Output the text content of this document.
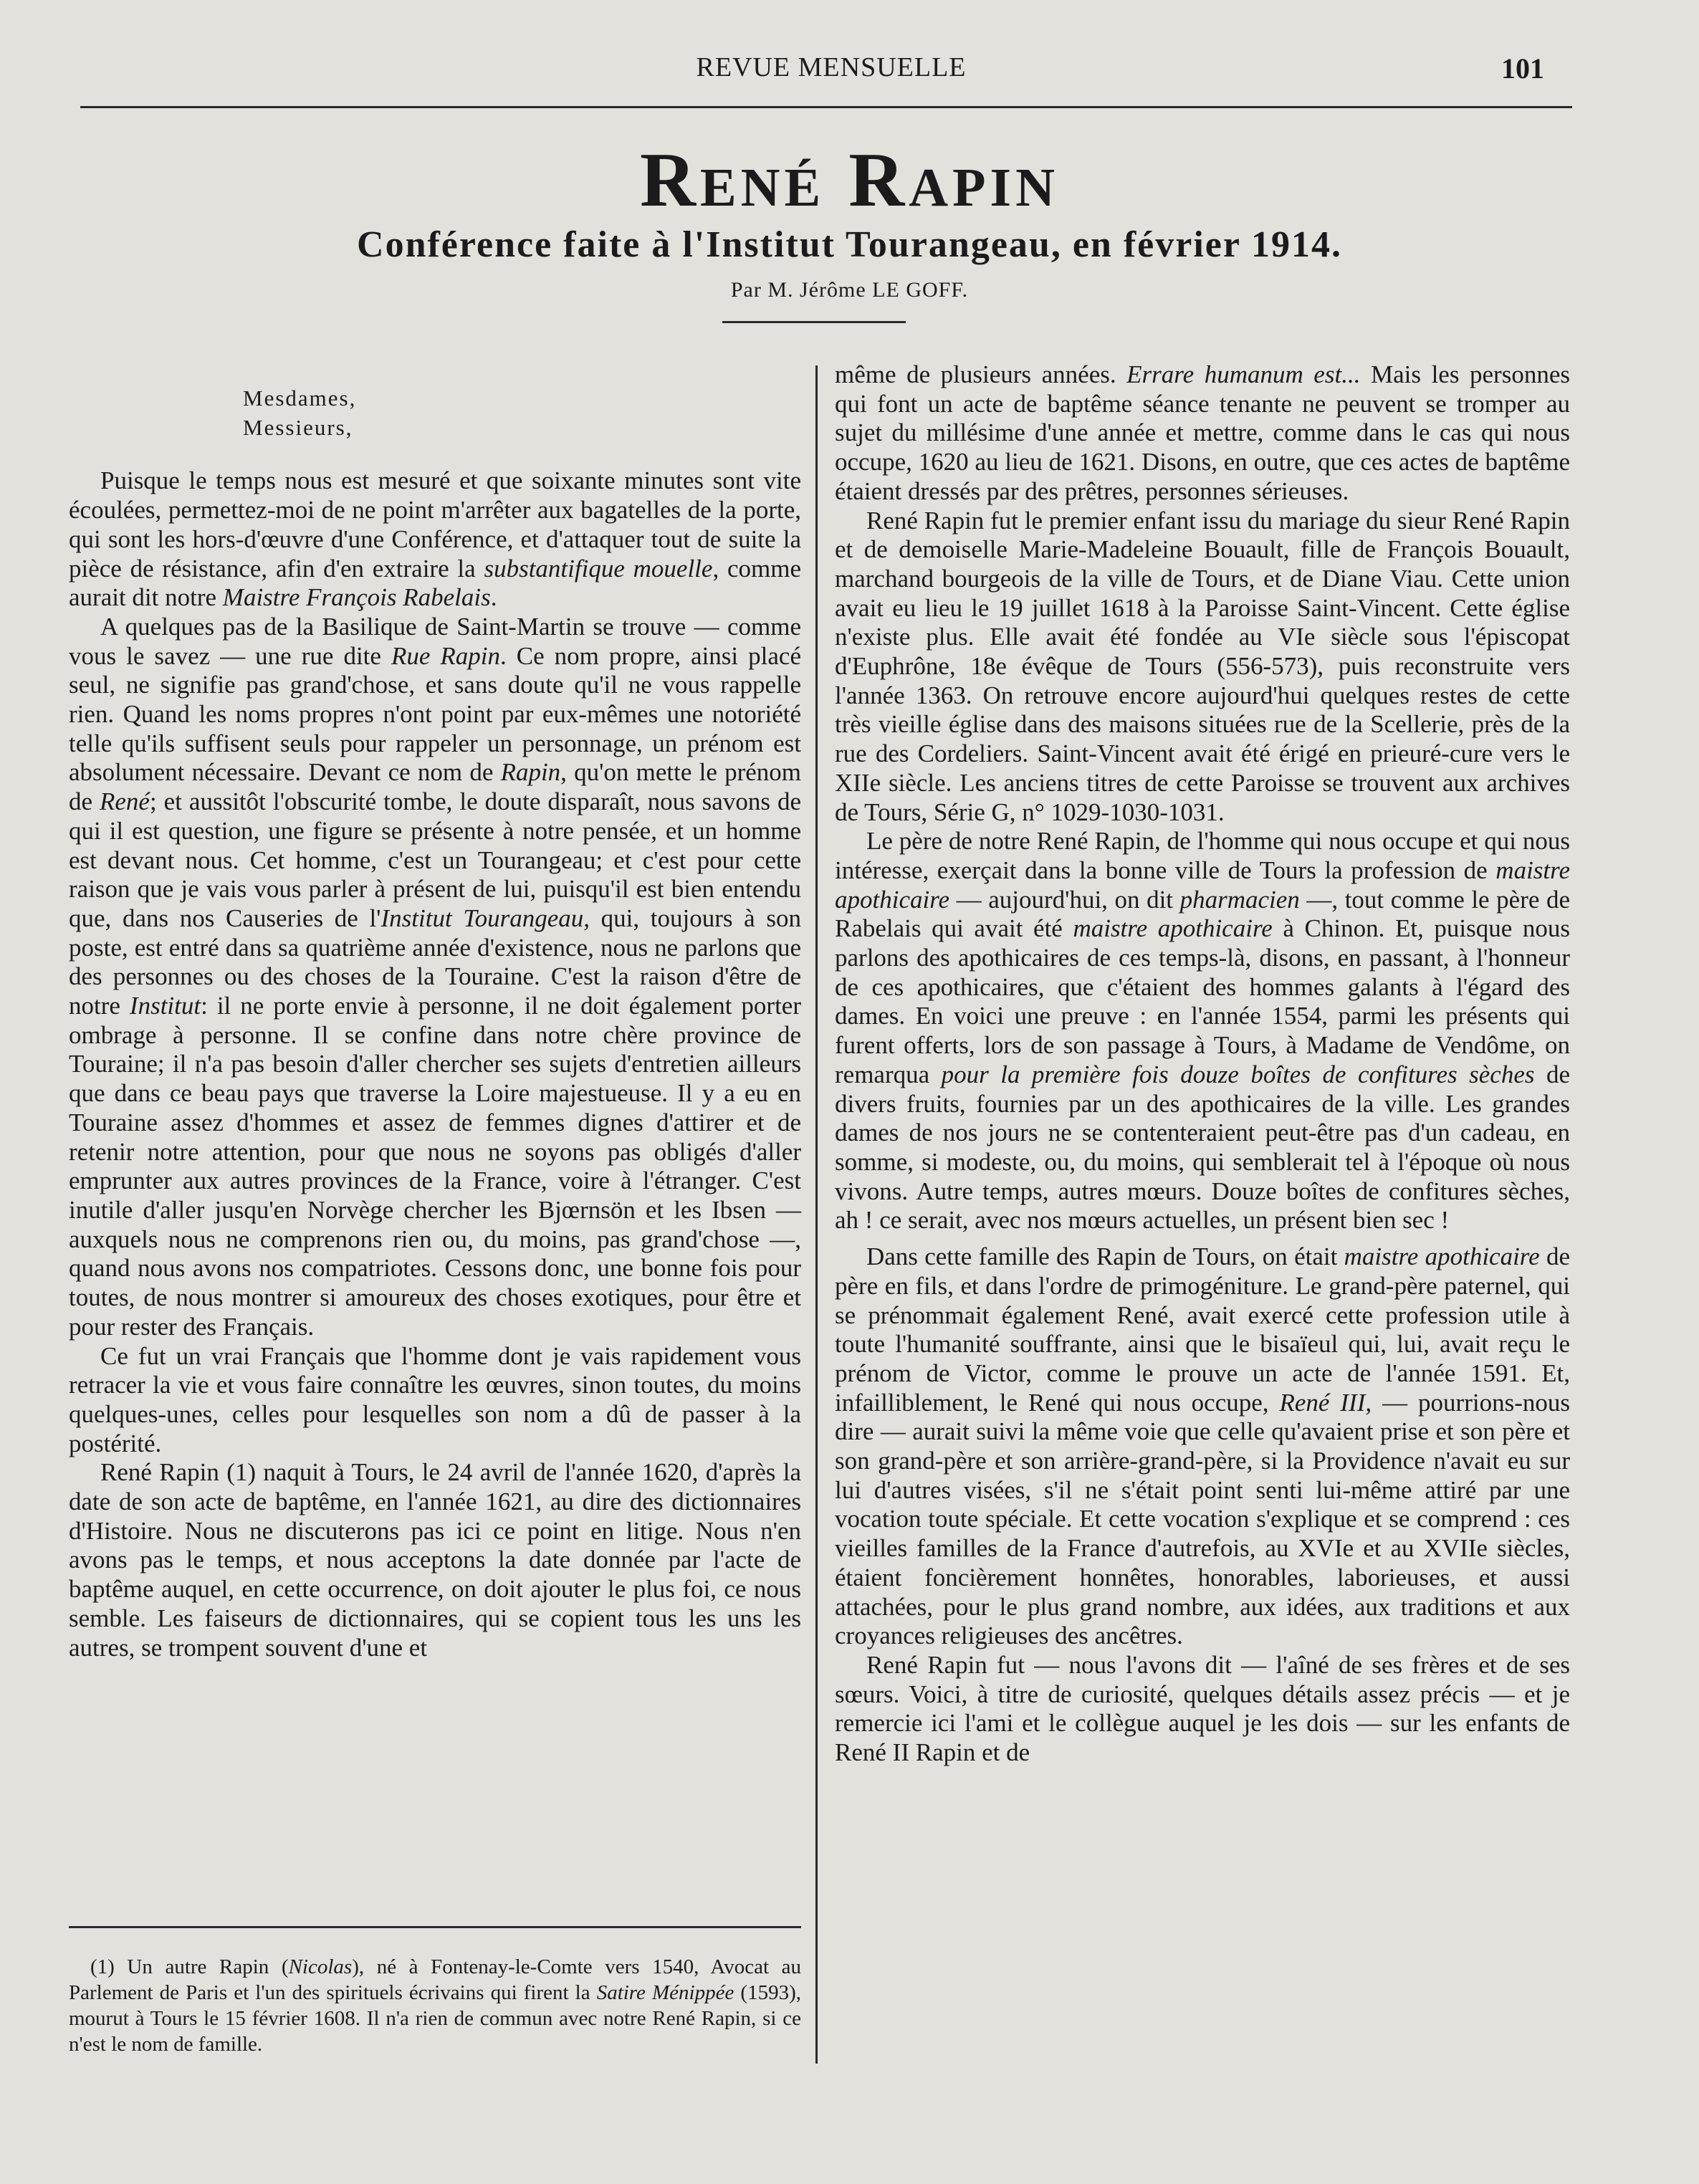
REVUE MENSUELLE	101
René Rapin
Conférence faite à l'Institut Tourangeau, en février 1914.
Par M. Jérôme LE GOFF.
Mesdames,
Messieurs,

Puisque le temps nous est mesuré et que soixante minutes sont vite écoulées, permettez-moi de ne point m'arrêter aux bagatelles de la porte, qui sont les hors-d'œuvre d'une Conférence, et d'attaquer tout de suite la pièce de résistance, afin d'en extraire la substantifique mouelle, comme aurait dit notre Maistre François Rabelais.

A quelques pas de la Basilique de Saint-Martin se trouve — comme vous le savez — une rue dite Rue Rapin. Ce nom propre, ainsi placé seul, ne signifie pas grand'chose, et sans doute qu'il ne vous rappelle rien. Quand les noms propres n'ont point par eux-mêmes une notoriété telle qu'ils suffisent seuls pour rappeler un personnage, un prénom est absolument nécessaire. Devant ce nom de Rapin, qu'on mette le prénom de René; et aussitôt l'obscurité tombe, le doute disparaît, nous savons de qui il est question, une figure se présente à notre pensée, et un homme est devant nous. Cet homme, c'est un Tourangeau; et c'est pour cette raison que je vais vous parler à présent de lui, puisqu'il est bien entendu que, dans nos Causeries de l'Institut Tourangeau, qui, toujours à son poste, est entré dans sa quatrième année d'existence, nous ne parlons que des personnes ou des choses de la Touraine. C'est la raison d'être de notre Institut: il ne porte envie à personne, il ne doit également porter ombrage à personne. Il se confine dans notre chère province de Touraine; il n'a pas besoin d'aller chercher ses sujets d'entretien ailleurs que dans ce beau pays que traverse la Loire majestueuse. Il y a eu en Touraine assez d'hommes et assez de femmes dignes d'attirer et de retenir notre attention, pour que nous ne soyons pas obligés d'aller emprunter aux autres provinces de la France, voire à l'étranger. C'est inutile d'aller jusqu'en Norvège chercher les Bjœrnsön et les Ibsen — auxquels nous ne comprenons rien ou, du moins, pas grand'chose —, quand nous avons nos compatriotes. Cessons donc, une bonne fois pour toutes, de nous montrer si amoureux des choses exotiques, pour être et pour rester des Français.

Ce fut un vrai Français que l'homme dont je vais rapidement vous retracer la vie et vous faire connaître les œuvres, sinon toutes, du moins quelques-unes, celles pour lesquelles son nom a dû de passer à la postérité.

René Rapin (1) naquit à Tours, le 24 avril de l'année 1620, d'après la date de son acte de baptême, en l'année 1621, au dire des dictionnaires d'Histoire. Nous ne discuterons pas ici ce point en litige. Nous n'en avons pas le temps, et nous acceptons la date donnée par l'acte de baptême auquel, en cette occurrence, on doit ajouter le plus foi, ce nous semble. Les faiseurs de dictionnaires, qui se copient tous les uns les autres, se trompent souvent d'une et

(1) Un autre Rapin (Nicolas), né à Fontenay-le-Comte vers 1540, Avocat au Parlement de Paris et l'un des spirituels écrivains qui firent la Satire Ménippée (1593), mourut à Tours le 15 février 1608. Il n'a rien de commun avec notre René Rapin, si ce n'est le nom de famille.

même de plusieurs années. Errare humanum est... Mais les personnes qui font un acte de baptême séance tenante ne peuvent se tromper au sujet du millésime d'une année et mettre, comme dans le cas qui nous occupe, 1620 au lieu de 1621. Disons, en outre, que ces actes de baptême étaient dressés par des prêtres, personnes sérieuses.

René Rapin fut le premier enfant issu du mariage du sieur René Rapin et de demoiselle Marie-Madeleine Bouault, fille de François Bouault, marchand bourgeois de la ville de Tours, et de Diane Viau. Cette union avait eu lieu le 19 juillet 1618 à la Paroisse Saint-Vincent. Cette église n'existe plus. Elle avait été fondée au VIe siècle sous l'épiscopat d'Euphrône, 18e évêque de Tours (556-573), puis reconstruite vers l'année 1363. On retrouve encore aujourd'hui quelques restes de cette très vieille église dans des maisons situées rue de la Scellerie, près de la rue des Cordeliers. Saint-Vincent avait été érigé en prieuré-cure vers le XIIe siècle. Les anciens titres de cette Paroisse se trouvent aux archives de Tours, Série G, n° 1029-1030-1031.

Le père de notre René Rapin, de l'homme qui nous occupe et qui nous intéresse, exerçait dans la bonne ville de Tours la profession de maistre apothicaire — aujourd'hui, on dit pharmacien —, tout comme le père de Rabelais qui avait été maistre apothicaire à Chinon. Et, puisque nous parlons des apothicaires de ces temps-là, disons, en passant, à l'honneur de ces apothicaires, que c'étaient des hommes galants à l'égard des dames. En voici une preuve : en l'année 1554, parmi les présents qui furent offerts, lors de son passage à Tours, à Madame de Vendôme, on remarqua pour la première fois douze boîtes de confitures sèches de divers fruits, fournies par un des apothicaires de la ville. Les grandes dames de nos jours ne se contenteraient peut-être pas d'un cadeau, en somme, si modeste, ou, du moins, qui semblerait tel à l'époque où nous vivons. Autre temps, autres mœurs. Douze boîtes de confitures sèches, ah ! ce serait, avec nos mœurs actuelles, un présent bien sec !

Dans cette famille des Rapin de Tours, on était maistre apothicaire de père en fils, et dans l'ordre de primogéniture. Le grand-père paternel, qui se prénommait également René, avait exercé cette profession utile à toute l'humanité souffrante, ainsi que le bisaïeul qui, lui, avait reçu le prénom de Victor, comme le prouve un acte de l'année 1591. Et, infailliblement, le René qui nous occupe, René III, — pourrions-nous dire — aurait suivi la même voie que celle qu'avaient prise et son père et son grand-père et son arrière-grand-père, si la Providence n'avait eu sur lui d'autres visées, s'il ne s'était point senti lui-même attiré par une vocation toute spéciale. Et cette vocation s'explique et se comprend : ces vieilles familles de la France d'autrefois, au XVIe et au XVIIe siècles, étaient foncièrement honnêtes, honorables, laborieuses, et aussi attachées, pour le plus grand nombre, aux idées, aux traditions et aux croyances religieuses des ancêtres.

René Rapin fut — nous l'avons dit — l'aîné de ses frères et de ses sœurs. Voici, à titre de curiosité, quelques détails assez précis — et je remercie ici l'ami et le collègue auquel je les dois — sur les enfants de René II Rapin et de
